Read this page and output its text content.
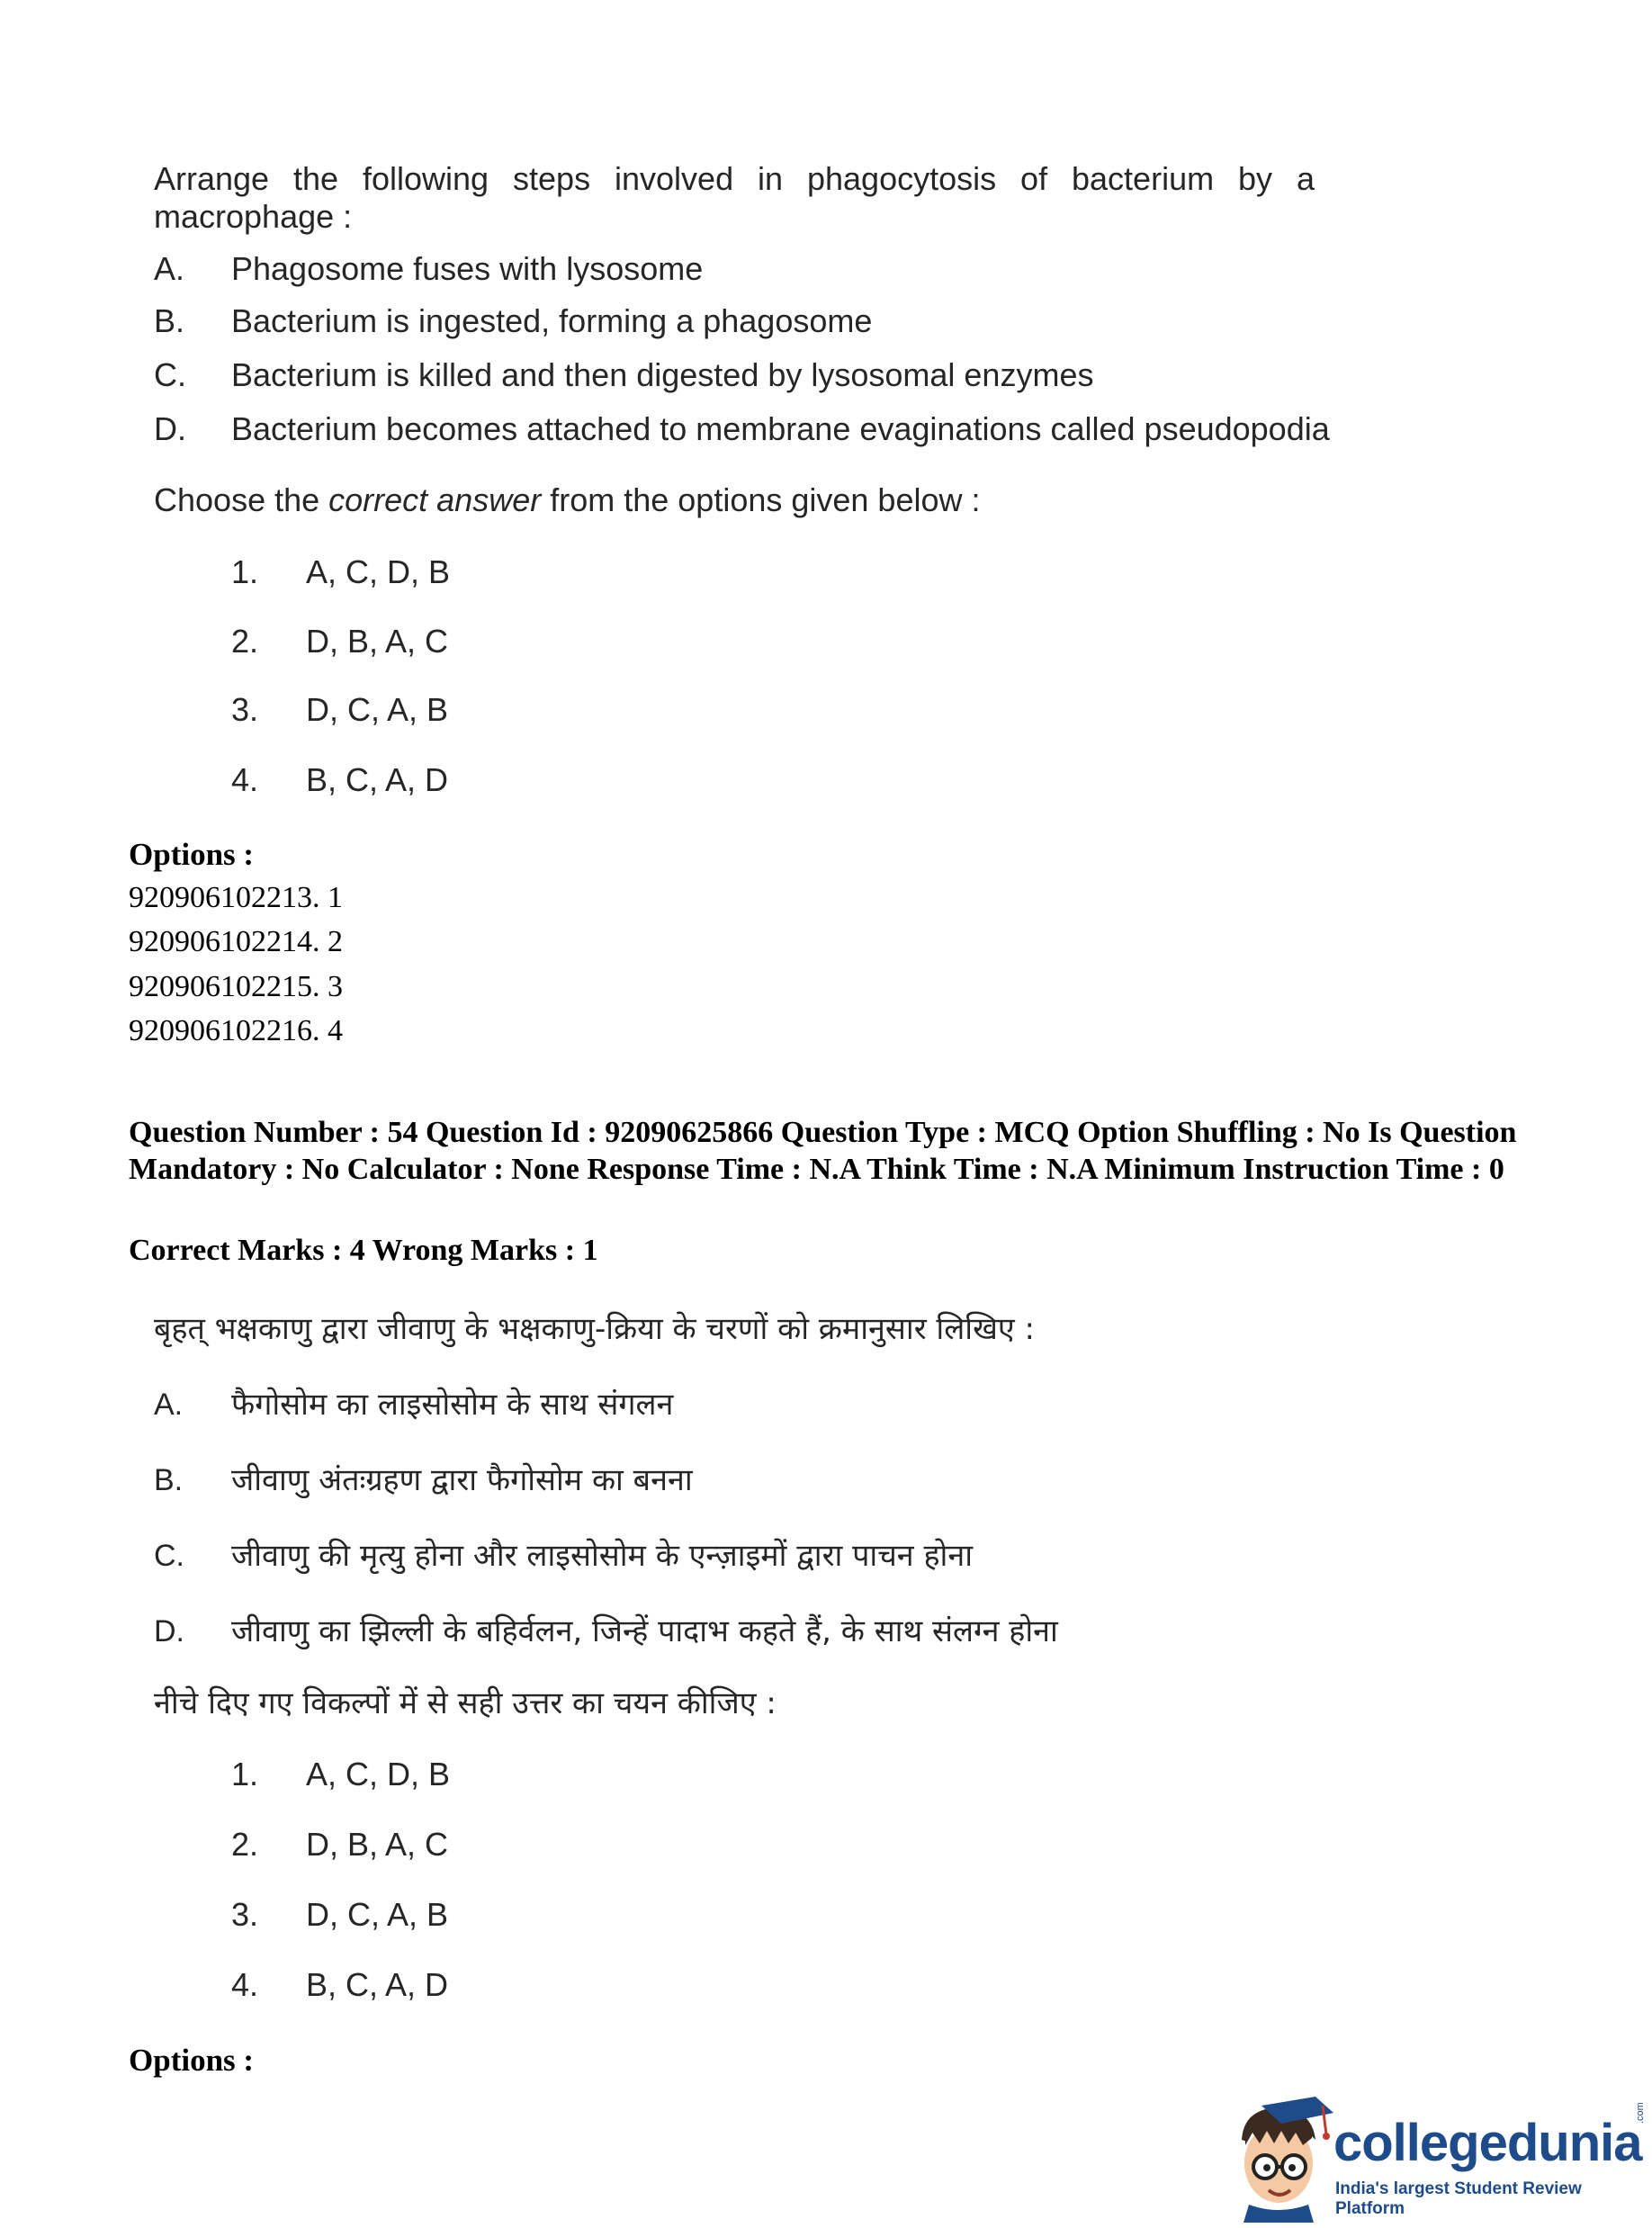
Arrange the following steps involved in phagocytosis of bacterium by a macrophage :
A. Phagosome fuses with lysosome
B. Bacterium is ingested, forming a phagosome
C. Bacterium is killed and then digested by lysosomal enzymes
D. Bacterium becomes attached to membrane evaginations called pseudopodia
Choose the correct answer from the options given below :
1. A, C, D, B
2. D, B, A, C
3. D, C, A, B
4. B, C, A, D
Options :
920906102213. 1
920906102214. 2
920906102215. 3
920906102216. 4
Question Number : 54 Question Id : 92090625866 Question Type : MCQ Option Shuffling : No Is Question Mandatory : No Calculator : None Response Time : N.A Think Time : N.A Minimum Instruction Time : 0
Correct Marks : 4 Wrong Marks : 1
बृहत् भक्षकाणु द्वारा जीवाणु के भक्षकाणु-क्रिया के चरणों को क्रमानुसार लिखिए :
A. फैगोसोम का लाइसोसोम के साथ संगलन
B. जीवाणु अंतःग्रहण द्वारा फैगोसोम का बनना
C. जीवाणु की मृत्यु होना और लाइसोसोम के एन्ज़ाइमों द्वारा पाचन होना
D. जीवाणु का झिल्ली के बहिर्वलन, जिन्हें पादाभ कहते हैं, के साथ संलग्न होना
नीचे दिए गए विकल्पों में से सही उत्तर का चयन कीजिए :
1. A, C, D, B
2. D, B, A, C
3. D, C, A, B
4. B, C, A, D
Options :
collegedunia
India's largest Student Review Platform
.com
